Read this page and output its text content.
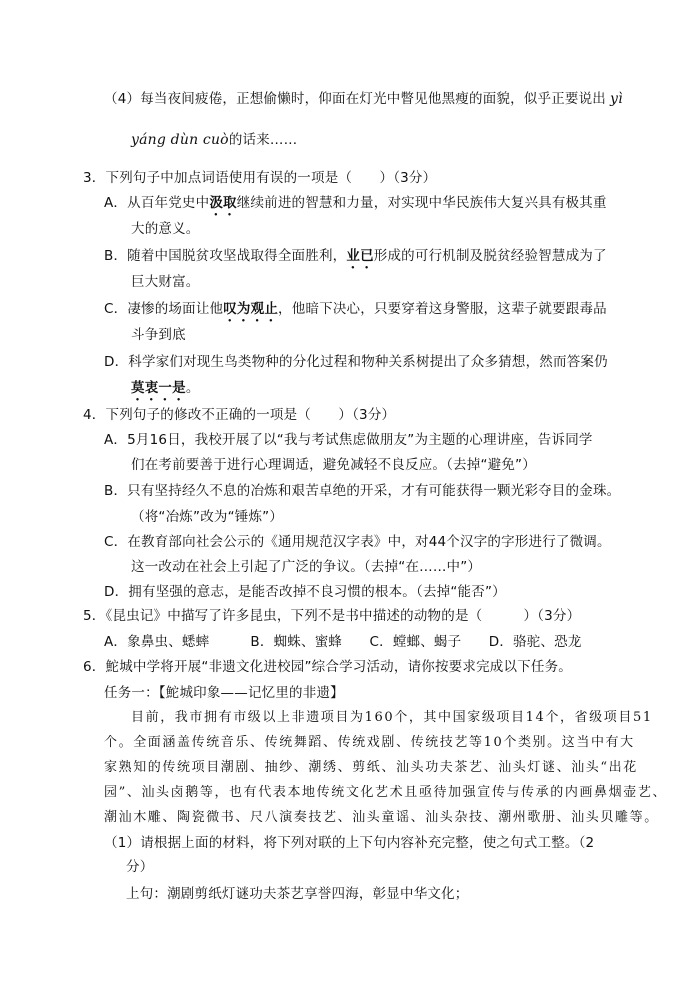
（4）每当夜间疲倦，正想偷懒时，仰面在灯光中瞥见他黑瘦的面貌，似乎正要说出 yì
yáng dùn cuò的话来……
3．下列句子中加点词语使用有误的一项是（　　）（3分）
A．从百年党史中汲取继续前进的智慧和力量，对实现中华民族伟大复兴具有极其重
大的意义。
B．随着中国脱贫攻坚战取得全面胜利，业已形成的可行机制及脱贫经验智慧成为了
巨大财富。
C．凄惨的场面让他叹为观止，他暗下决心，只要穿着这身警服，这辈子就要跟毒品
斗争到底
D．科学家们对现生鸟类物种的分化过程和物种关系树提出了众多猜想，然而答案仍
莫衷一是。
4．下列句子的修改不正确的一项是（　　）（3分）
A．5月16日，我校开展了以“我与考试焦虑做朋友”为主题的心理讲座，告诉同学
们在考前要善于进行心理调适，避免减轻不良反应。（去掉“避免”）
B．只有坚持经久不息的冶炼和艰苦卓绝的开采，才有可能获得一颗光彩夺目的金珠。
（将“冶炼”改为“锤炼”）
C．在教育部向社会公示的《通用规范汉字表》中，对44个汉字的字形进行了微调。
这一改动在社会上引起了广泛的争议。（去掉“在……中”）
D．拥有坚强的意志，是能否改掉不良习惯的根本。（去掉“能否”）
5．《昆虫记》中描写了许多昆虫，下列不是书中描述的动物的是（　　　）（3分）
A．象鼻虫、蟋蟀　　　B．蜘蛛、蜜蜂　　C．螳螂、蝎子　　D．骆驼、恐龙
6．鮀城中学将开展“非遗文化进校园”综合学习活动，请你按要求完成以下任务。
任务一：【鮀城印象——记忆里的非遗】
目前，我市拥有市级以上非遗项目为160个，其中国家级项目14个，省级项目51
个。全面涵盖传统音乐、传统舞蹈、传统戏剧、传统技艺等10个类别。这当中有大
家熟知的传统项目潮剧、抽纱、潮绣、剪纸、汕头功夫茶艺、汕头灯谜、汕头“出花
园”、汕头卤鹅等，也有代表本地传统文化艺术且亟待加强宣传与传承的内画鼻烟壶艺、
潮汕木雕、陶瓷微书、尺八演奏技艺、汕头童谣、汕头杂技、潮州歌册、汕头贝雕等。
（1）请根据上面的材料，将下列对联的上下句内容补充完整，使之句式工整。（2
分）
上句：潮剧剪纸灯谜功夫茶艺享誉四海，彰显中华文化；
